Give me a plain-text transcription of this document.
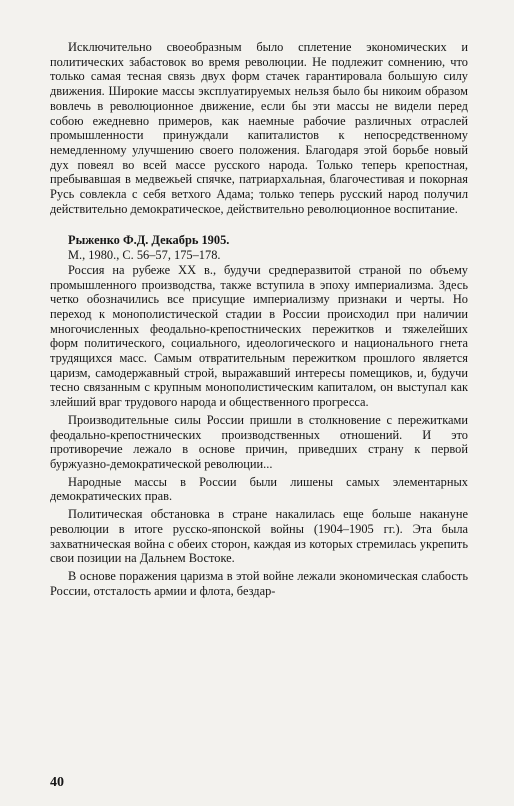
Исключительно своеобразным было сплетение экономических и политических забастовок во время революции. Не подлежит сомнению, что только самая тесная связь двух форм стачек гарантировала большую силу движения. Широкие массы эксплуатируемых нельзя было бы никоим образом вовлечь в революционное движение, если бы эти массы не видели перед собою ежедневно примеров, как наемные рабочие различных отраслей промышленности принуждали капиталистов к непосредственному немедленному улучшению своего положения. Благодаря этой борьбе новый дух повеял во всей массе русского народа. Только теперь крепостная, пребывавшая в медвежьей спячке, патриархальная, благочестивая и покорная Русь совлекла с себя ветхого Адама; только теперь русский народ получил действительно демократическое, действительно революционное воспитание.

Рыженко Ф.Д. Декабрь 1905.

М., 1980., С. 56–57, 175–178.

Россия на рубеже XX в., будучи средneразвитой страной по объему промышленного производства, также вступила в эпоху империализма. Здесь четко обозначились все присущие империализму признаки и черты. Но переход к монополистической стадии в России происходил при наличии многочисленных феодально-крепостнических пережитков и тяжелейших форм политического, социального, идеологического и национального гнета трудящихся масс. Самым отвратительным пережитком прошлого является царизм, самодержавный строй, выражавший интересы помещиков, и, будучи тесно связанным с крупным монополистическим капиталом, он выступал как злейший враг трудового народа и общественного прогресса.

Производительные силы России пришли в столкновение с пережитками феодально-крепостнических производственных отношений. И это противоречие лежало в основе причин, приведших страну к первой буржуазно-демократической революции...

Народные массы в России были лишены самых элементарных демократических прав.

Политическая обстановка в стране накалилась еще больше накануне революции в итоге русско-японской войны (1904–1905 гг.). Эта была захватническая война с обеих сторон, каждая из которых стремилась укрепить свои позиции на Дальнем Востоке.

В основе поражения царизма в этой войне лежали экономическая слабость России, отсталость армии и флота, бездар-

40
